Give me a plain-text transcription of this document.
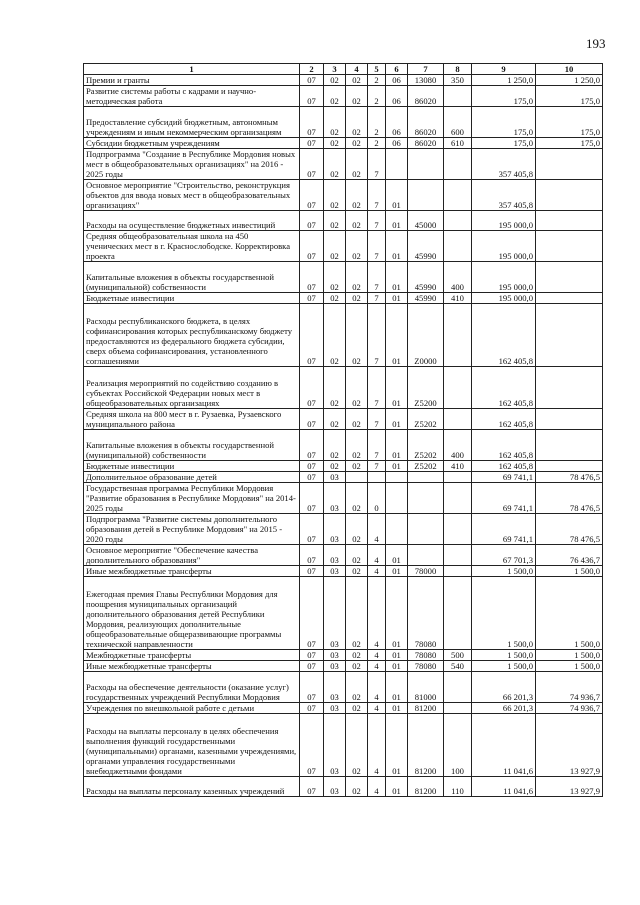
193
1	2	3	4	5	6	7	8	9	10
Премии и гранты	07	02	02	2	06	13080	350	1 250,0	1 250,0
Развитие системы работы с кадрами и научно-методическая работа	07	02	02	2	06	86020		175,0	175,0
Предоставление субсидий бюджетным, автономным учреждениям и иным некоммерческим организациям	07	02	02	2	06	86020	600	175,0	175,0
Субсидии бюджетным учреждениям	07	02	02	2	06	86020	610	175,0	175,0
Подпрограмма "Создание в Республике Мордовия новых мест в общеобразовательных организациях" на 2016 - 2025 годы	07	02	02	7				357 405,8	
Основное мероприятие "Строительство, реконструкция объектов для ввода новых мест в общеобразовательных организациях"	07	02	02	7	01			357 405,8	
Расходы на осуществление бюджетных инвестиций	07	02	02	7	01	45000		195 000,0	
Средняя общеобразовательная школа на 450 ученических мест в г. Краснослободске. Корректировка проекта	07	02	02	7	01	45990		195 000,0	
Капитальные вложения в объекты государственной (муниципальной) собственности	07	02	02	7	01	45990	400	195 000,0	
Бюджетные инвестиции	07	02	02	7	01	45990	410	195 000,0	
Расходы республиканского бюджета, в целях софинансирования которых республиканскому бюджету предоставляются из федерального бюджета субсидии, сверх объема софинансирования, установленного соглашениями	07	02	02	7	01	Z0000		162 405,8	
Реализация мероприятий по содействию созданию в субъектах Российской Федерации новых мест в общеобразовательных организациях	07	02	02	7	01	Z5200		162 405,8	
Средняя школа на 800 мест в г. Рузаевка, Рузаевского муниципального района	07	02	02	7	01	Z5202		162 405,8	
Капитальные вложения в объекты государственной (муниципальной) собственности	07	02	02	7	01	Z5202	400	162 405,8	
Бюджетные инвестиции	07	02	02	7	01	Z5202	410	162 405,8	
Дополнительное образование детей	07	03						69 741,1	78 476,5
Государственная программа Республики Мордовия "Развитие образования в Республике Мордовия" на 2014-2025 годы	07	03	02	0				69 741,1	78 476,5
Подпрограмма "Развитие системы дополнительного образования детей в Республике Мордовия" на 2015 - 2020 годы	07	03	02	4				69 741,1	78 476,5
Основное мероприятие "Обеспечение качества дополнительного образования"	07	03	02	4	01			67 701,3	76 436,7
Иные межбюджетные трансферты	07	03	02	4	01	78000		1 500,0	1 500,0
Ежегодная премия Главы Республики Мордовия для поощрения муниципальных организаций дополнительного образования детей Республики Мордовия, реализующих дополнительные общеобразовательные общеразвивающие программы технической направленности	07	03	02	4	01	78080		1 500,0	1 500,0
Межбюджетные трансферты	07	03	02	4	01	78080	500	1 500,0	1 500,0
Иные межбюджетные трансферты	07	03	02	4	01	78080	540	1 500,0	1 500,0
Расходы на обеспечение деятельности (оказание услуг) государственных учреждений Республики Мордовия	07	03	02	4	01	81000		66 201,3	74 936,7
Учреждения по внешкольной работе с детьми	07	03	02	4	01	81200		66 201,3	74 936,7
Расходы на выплаты персоналу в целях обеспечения выполнения функций государственными (муниципальными) органами, казенными учреждениями, органами управления государственными внебюджетными фондами	07	03	02	4	01	81200	100	11 041,6	13 927,9
Расходы на выплаты персоналу казенных учреждений	07	03	02	4	01	81200	110	11 041,6	13 927,9
